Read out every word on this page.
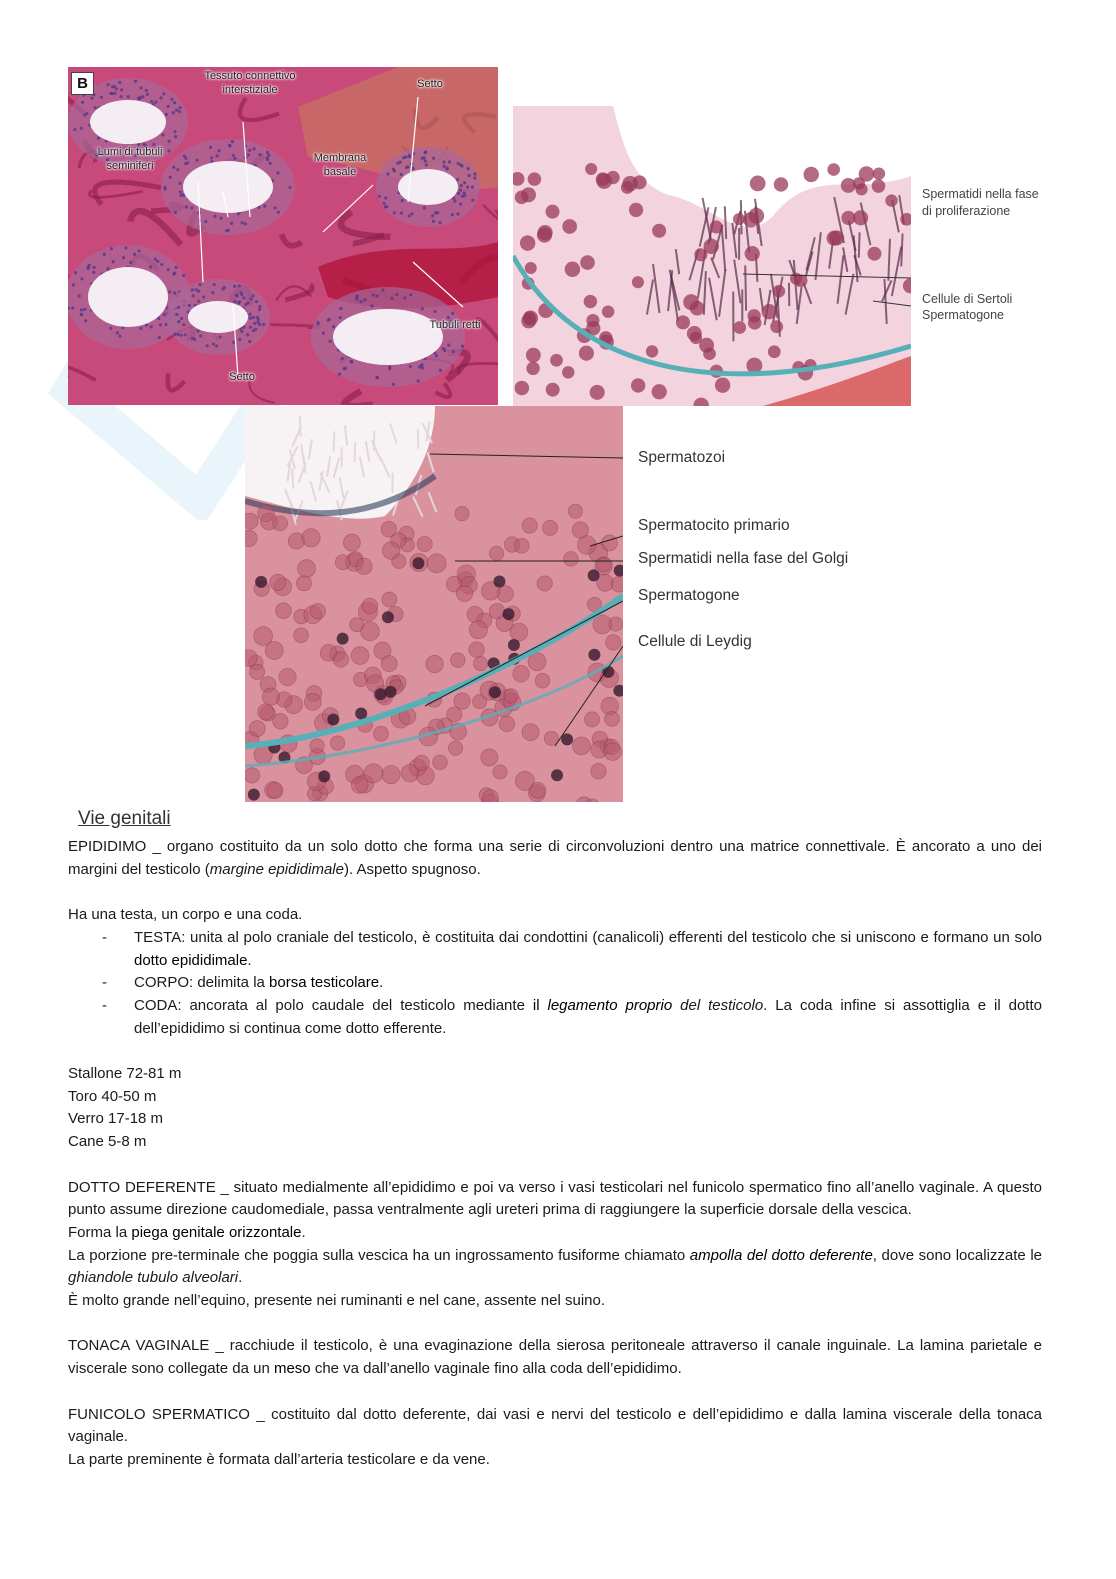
B	Tessuto connettivo interstiziale	Setto
Lumi di tubuli seminiferi
Membrana basale
Tubuli retti
Setto
Spermatidi nella fase di proliferazione
Cellule di Sertoli
Spermatogone
Spermatozoi
Spermatocito primario
Spermatidi nella fase del Golgi
Spermatogone
Cellule di Leydig
Vie genitali

EPIDIDIMO _ organo costituito da un solo dotto che forma una serie di circonvoluzioni dentro una matrice connettivale. È ancorato a uno dei margini del testicolo (margine epididimale). Aspetto spugnoso.

Ha una testa, un corpo e una coda.

- TESTA: unita al polo craniale del testicolo, è costituita dai condottini (canalicoli) efferenti del testicolo che si uniscono e formano un solo dotto epididimale.
- CORPO: delimita la borsa testicolare.
- CODA: ancorata al polo caudale del testicolo mediante il legamento proprio del testicolo. La coda infine si assottiglia e il dotto dell’epididimo si continua come dotto efferente.

Stallone 72-81 m

Toro 40-50 m

Verro 17-18 m

Cane 5-8 m

DOTTO DEFERENTE _ situato medialmente all’epididimo e poi va verso i vasi testicolari nel funicolo spermatico fino all’anello vaginale. A questo punto assume direzione caudomediale, passa ventralmente agli ureteri prima di raggiungere la superficie dorsale della vescica.

Forma la piega genitale orizzontale.

La porzione pre-terminale che poggia sulla vescica ha un ingrossamento fusiforme chiamato ampolla del dotto deferente, dove sono localizzate le ghiandole tubulo alveolari.

È molto grande nell’equino, presente nei ruminanti e nel cane, assente nel suino.

TONACA VAGINALE _ racchiude il testicolo, è una evaginazione della sierosa peritoneale attraverso il canale inguinale. La lamina parietale e viscerale sono collegate da un meso che va dall’anello vaginale fino alla coda dell’epididimo.

FUNICOLO SPERMATICO _ costituito dal dotto deferente, dai vasi e nervi del testicolo e dell’epididimo e dalla lamina viscerale della tonaca vaginale.

La parte preminente è formata dall’arteria testicolare e da vene.
